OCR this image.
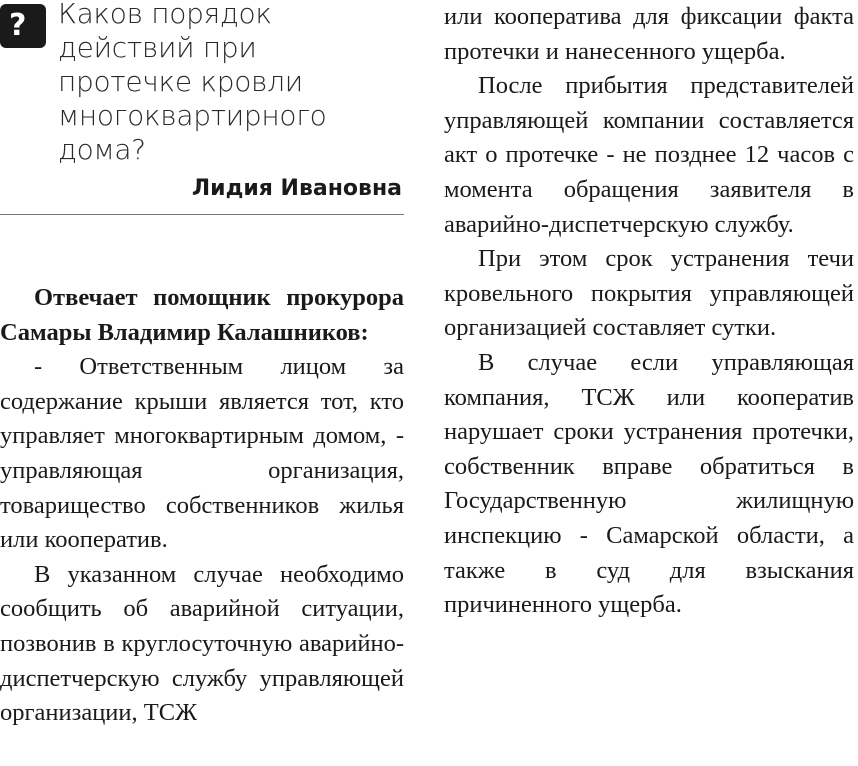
?	Каков порядок действий при протечке кровли многоквартирного дома?
Лидия Ивановна

Отвечает помощник прокурора Самары Владимир Калашников:

- Ответственным лицом за содержание крыши является тот, кто управляет многоквартирным домом, - управляющая организация, товарищество собственников жилья или кооператив.

В указанном случае необходимо сообщить об аварийной ситуации, позвонив в круглосуточную аварийно-диспетчерскую службу управляющей организации, ТСЖ

или кооператива для фиксации факта протечки и нанесенного ущерба.

После прибытия представителей управляющей компании составляется акт о протечке - не позднее 12 часов с момента обращения заявителя в аварийно-диспетчерскую службу.

При этом срок устранения течи кровельного покрытия управляющей организацией составляет сутки.

В случае если управляющая компания, ТСЖ или кооператив нарушает сроки устранения протечки, собственник вправе обратиться в Государственную жилищную инспекцию - Самарской области, а также в суд для взыскания причиненного ущерба.
